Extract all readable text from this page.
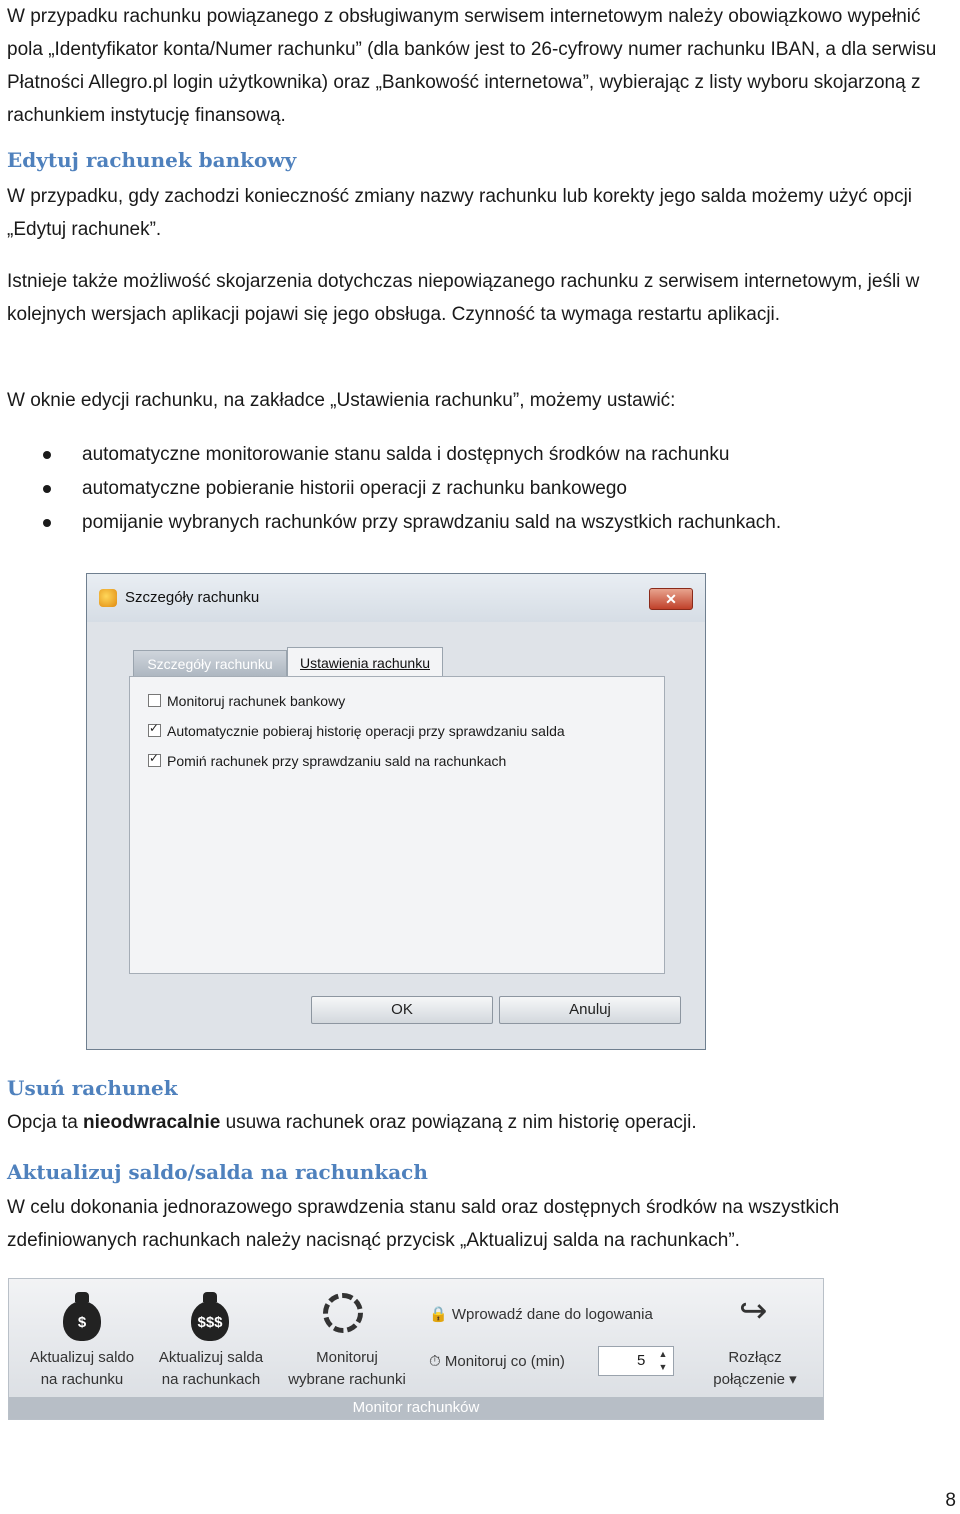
W przypadku rachunku powiązanego z obsługiwanym serwisem internetowym należy obowiązkowo wypełnić pola „Identyfikator konta/Numer rachunku” (dla banków jest to 26-cyfrowy numer rachunku IBAN, a dla serwisu Płatności Allegro.pl login użytkownika) oraz „Bankowość internetowa”, wybierając z listy wyboru skojarzoną z rachunkiem instytucję finansową.

Edytuj rachunek bankowy

W przypadku, gdy zachodzi konieczność zmiany nazwy rachunku lub korekty jego salda możemy użyć opcji „Edytuj rachunek”.

Istnieje także możliwość skojarzenia dotychczas niepowiązanego rachunku z serwisem internetowym, jeśli w kolejnych wersjach aplikacji pojawi się jego obsługa. Czynność ta wymaga restartu aplikacji.

W oknie edycji rachunku, na zakładce „Ustawienia rachunku”, możemy ustawić:

automatyczne monitorowanie stanu salda i dostępnych środków na rachunku
automatyczne pobieranie historii operacji z rachunku bankowego
pomijanie wybranych rachunków przy sprawdzaniu sald na wszystkich rachunkach.
Szczegóły rachunku	✕
Szczegóły rachunku	Ustawienia rachunku
Monitoruj rachunek bankowy
✓Automatycznie pobieraj historię operacji przy sprawdzaniu salda
✓Pomiń rachunek przy sprawdzaniu sald na rachunkach
OK	Anuluj
Usuń rachunek

Opcja ta nieodwracalnie usuwa rachunek oraz powiązaną z nim historię operacji.

Aktualizuj saldo/salda na rachunkach

W celu dokonania jednorazowego sprawdzenia stanu sald oraz dostępnych środków na wszystkich zdefiniowanych rachunkach należy nacisnąć przycisk „Aktualizuj salda na rachunkach”.

$
Aktualizuj saldo
na rachunku
$$$
Aktualizuj salda
na rachunkach
Monitoruj
wybrane rachunki
🔒 Wprowadź dane do logowania
⏱ Monitoruj co (min)
↪
Rozłącz
połączenie ▾
Monitor rachunków
5	▲
▼
8
